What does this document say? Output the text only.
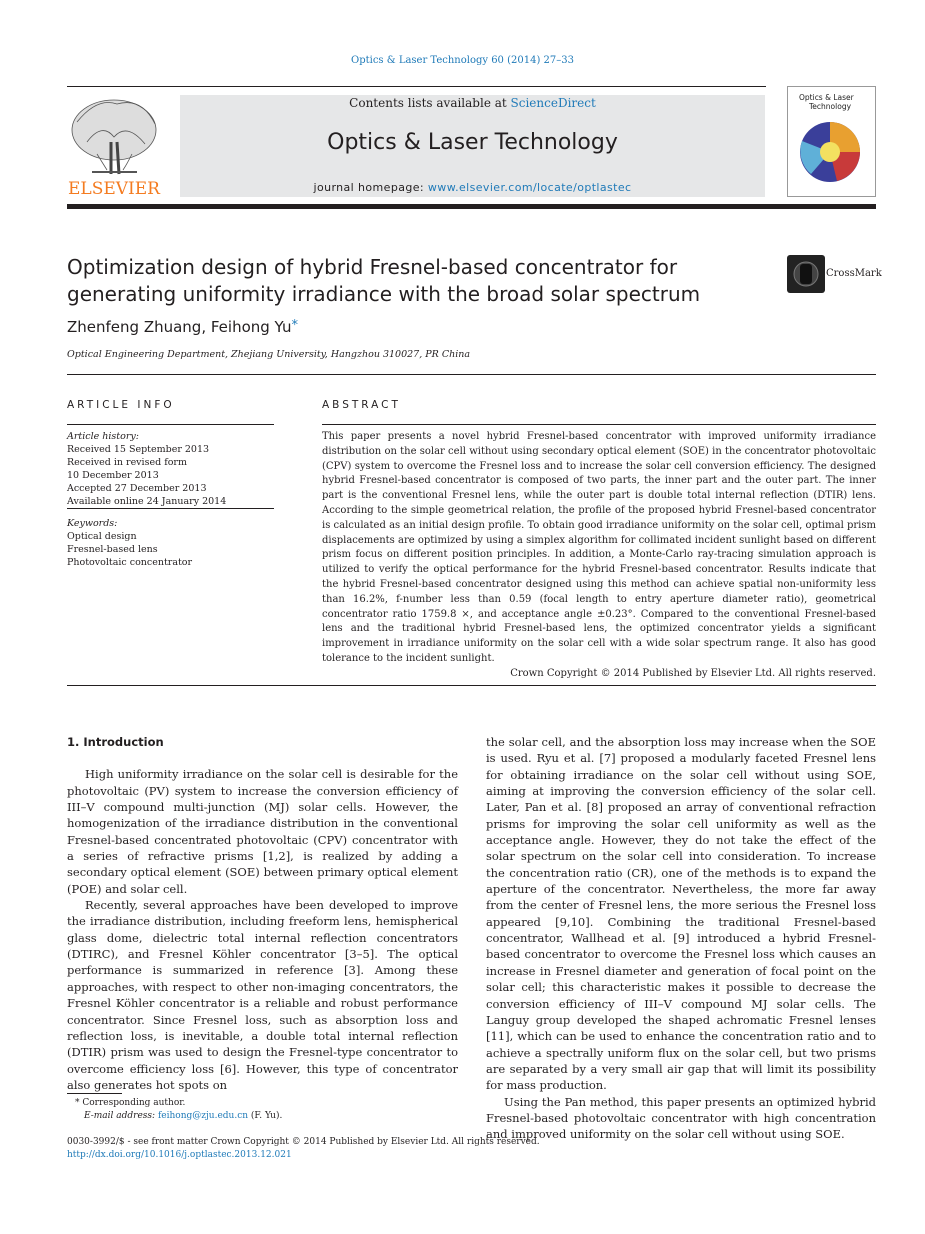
Optics & Laser Technology 60 (2014) 27–33
ELSEVIER
Contents lists available at ScienceDirect
Optics & Laser Technology
journal homepage: www.elsevier.com/locate/optlastec
Optics & Laser
Technology
Optimization design of hybrid Fresnel-based concentrator for generating uniformity irradiance with the broad solar spectrum
CrossMark
Zhenfeng Zhuang, Feihong Yu*
Optical Engineering Department, Zhejiang University, Hangzhou 310027, PR China
ARTICLE INFO	ABSTRACT
Article history:
Received 15 September 2013
Received in revised form
10 December 2013
Accepted 27 December 2013
Available online 24 January 2014
Keywords:
Optical design
Fresnel-based lens
Photovoltaic concentrator
This paper presents a novel hybrid Fresnel-based concentrator with improved uniformity irradiance distribution on the solar cell without using secondary optical element (SOE) in the concentrator photovoltaic (CPV) system to overcome the Fresnel loss and to increase the solar cell conversion efficiency. The designed hybrid Fresnel-based concentrator is composed of two parts, the inner part and the outer part. The inner part is the conventional Fresnel lens, while the outer part is double total internal reflection (DTIR) lens. According to the simple geometrical relation, the profile of the proposed hybrid Fresnel-based concentrator is calculated as an initial design profile. To obtain good irradiance uniformity on the solar cell, optimal prism displacements are optimized by using a simplex algorithm for collimated incident sunlight based on different prism focus on different position principles. In addition, a Monte-Carlo ray-tracing simulation approach is utilized to verify the optical performance for the hybrid Fresnel-based concentrator. Results indicate that the hybrid Fresnel-based concentrator designed using this method can achieve spatial non-uniformity less than 16.2%, f-number less than 0.59 (focal length to entry aperture diameter ratio), geometrical concentrator ratio 1759.8 ×, and acceptance angle ±0.23°. Compared to the conventional Fresnel-based lens and the traditional hybrid Fresnel-based lens, the optimized concentrator yields a significant improvement in irradiance uniformity on the solar cell with a wide solar spectrum range. It also has good tolerance to the incident sunlight.
Crown Copyright © 2014 Published by Elsevier Ltd. All rights reserved.
1. Introduction

High uniformity irradiance on the solar cell is desirable for the photovoltaic (PV) system to increase the conversion efficiency of III–V compound multi-junction (MJ) solar cells. However, the homogenization of the irradiance distribution in the conventional Fresnel-based concentrated photovoltaic (CPV) concentrator with a series of refractive prisms [1,2], is realized by adding a secondary optical element (SOE) between primary optical element (POE) and solar cell.

Recently, several approaches have been developed to improve the irradiance distribution, including freeform lens, hemispherical glass dome, dielectric total internal reflection concentrators (DTIRC), and Fresnel Köhler concentrator [3–5]. The optical performance is summarized in reference [3]. Among these approaches, with respect to other non-imaging concentrators, the Fresnel Köhler concentrator is a reliable and robust performance concentrator. Since Fresnel loss, such as absorption loss and reflection loss, is inevitable, a double total internal reflection (DTIR) prism was used to design the Fresnel-type concentrator to overcome efficiency loss [6]. However, this type of concentrator also generates hot spots on

the solar cell, and the absorption loss may increase when the SOE is used. Ryu et al. [7] proposed a modularly faceted Fresnel lens for obtaining irradiance on the solar cell without using SOE, aiming at improving the conversion efficiency of the solar cell. Later, Pan et al. [8] proposed an array of conventional refraction prisms for improving the solar cell uniformity as well as the acceptance angle. However, they do not take the effect of the solar spectrum on the solar cell into consideration. To increase the concentration ratio (CR), one of the methods is to expand the aperture of the concentrator. Nevertheless, the more far away from the center of Fresnel lens, the more serious the Fresnel loss appeared [9,10]. Combining the traditional Fresnel-based concentrator, Wallhead et al. [9] introduced a hybrid Fresnel-based concentrator to overcome the Fresnel loss which causes an increase in Fresnel diameter and generation of focal point on the solar cell; this characteristic makes it possible to decrease the conversion efficiency of III–V compound MJ solar cells. The Languy group developed the shaped achromatic Fresnel lenses [11], which can be used to enhance the concentration ratio and to achieve a spectrally uniform flux on the solar cell, but two prisms are separated by a very small air gap that will limit its possibility for mass production.

Using the Pan method, this paper presents an optimized hybrid Fresnel-based photovoltaic concentrator with high concentration and improved uniformity on the solar cell without using SOE.

* Corresponding author.
E-mail address: feihong@zju.edu.cn (F. Yu).
0030-3992/$ - see front matter Crown Copyright © 2014 Published by Elsevier Ltd. All rights reserved.
http://dx.doi.org/10.1016/j.optlastec.2013.12.021
